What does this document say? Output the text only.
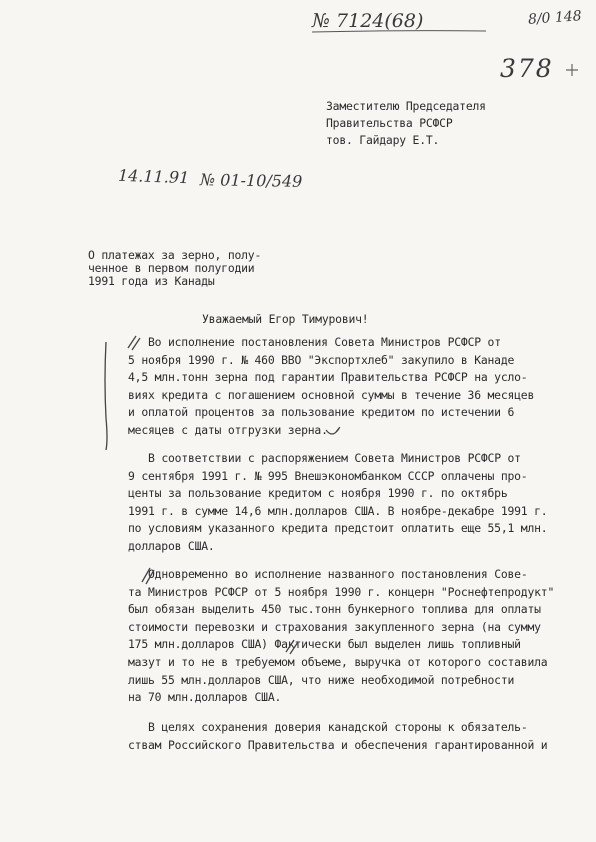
№ 7124(68)	8/0 148
378
14.11.91 № 01-10/549
Заместителю Председателя
Правительства РСФСР
тов. Гайдару Е.Т.
О платежах за зерно, полу-
ченное в первом полугодии
1991 года из Канады
Уважаемый Егор Тимурович!
Во исполнение постановления Совета Министров РСФСР от
5 ноября 1990 г. № 460 ВВО "Экспортхлеб" закупило в Канаде
4,5 млн.тонн зерна под гарантии Правительства РСФСР на усло-
виях кредита с погашением основной суммы в течение 36 месяцев
и оплатой процентов за пользование кредитом по истечении 6
месяцев с даты отгрузки зерна.
В соответствии с распоряжением Совета Министров РСФСР от
9 сентября 1991 г. № 995 Внешэкономбанком СССР оплачены про-
центы за пользование кредитом с ноября 1990 г. по октябрь
1991 г. в сумме 14,6 млн.долларов США. В ноябре-декабре 1991 г.
по условиям указанного кредита предстоит оплатить еще 55,1 млн.
долларов США.
Одновременно во исполнение названного постановления Сове-
та Министров РСФСР от 5 ноября 1990 г. концерн "Роснефтепродукт"
был обязан выделить 450 тыс.тонн бункерного топлива для оплаты
стоимости перевозки и страхования закупленного зерна (на сумму
175 млн.долларов США) Фактически был выделен лишь топливный
мазут и то не в требуемом объеме, выручка от которого составила
лишь 55 млн.долларов США, что ниже необходимой потребности
на 70 млн.долларов США.
В целях сохранения доверия канадской стороны к обязатель-
ствам Российского Правительства и обеспечения гарантированной и
